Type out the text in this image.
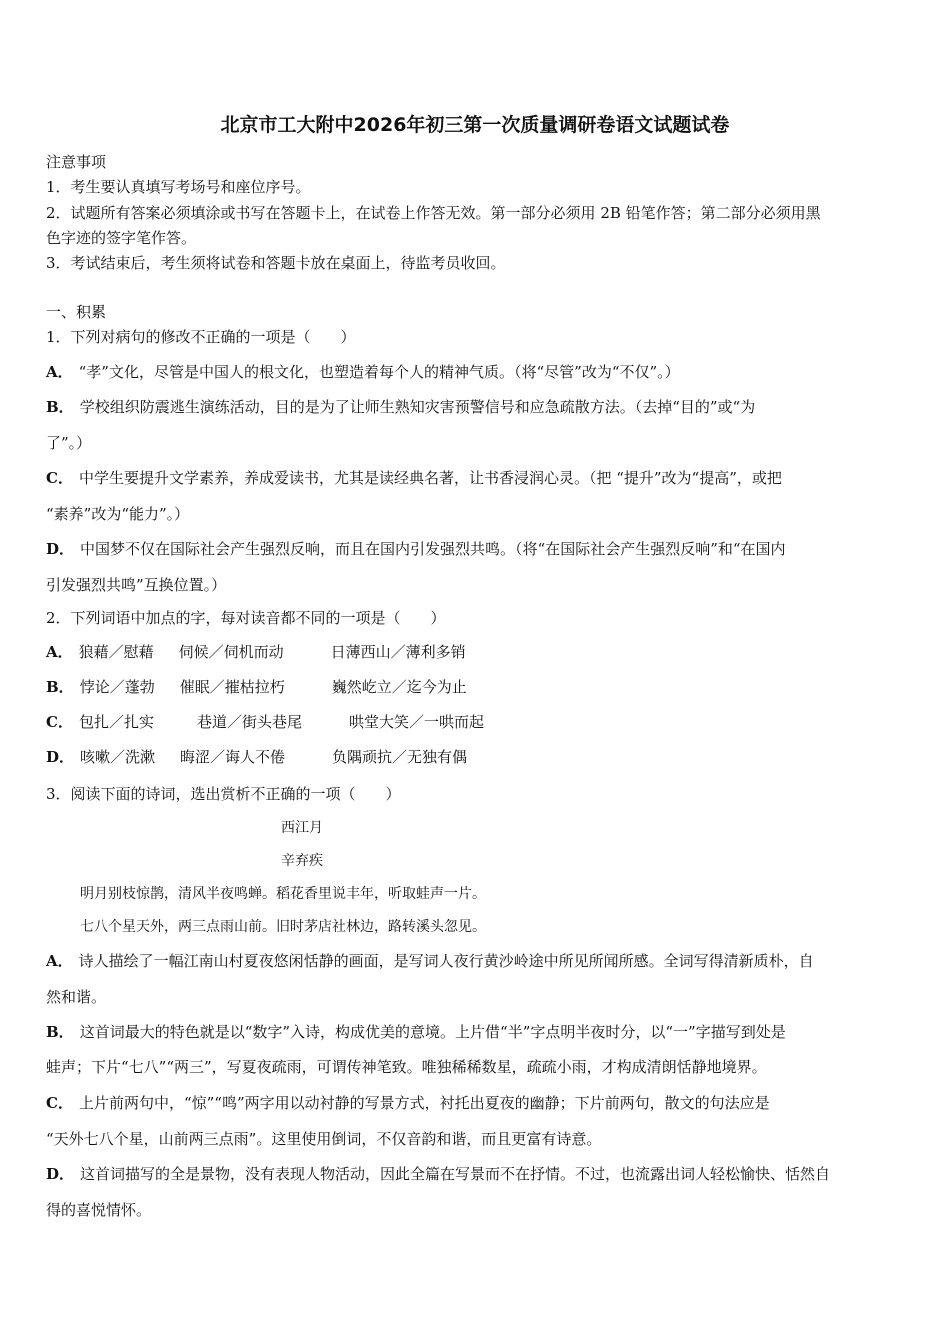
北京市工大附中2026年初三第一次质量调研卷语文试题试卷
注意事项
1．考生要认真填写考场号和座位序号。
2．试题所有答案必须填涂或书写在答题卡上，在试卷上作答无效。第一部分必须用 2B 铅笔作答；第二部分必须用黑
色字迹的签字笔作答。
3．考试结束后，考生须将试卷和答题卡放在桌面上，待监考员收回。
一、积累
1．下列对病句的修改不正确的一项是（　　）
A． “孝”文化，尽管是中国人的根文化，也塑造着每个人的精神气质。（将“尽管”改为“不仅”。）
B． 学校组织防震逃生演练活动，目的是为了让师生熟知灾害预警信号和应急疏散方法。（去掉“目的”或“为
了”。）
C． 中学生要提升文学素养，养成爱读书，尤其是读经典名著，让书香浸润心灵。（把 “提升”改为“提高”，或把
“素养”改为“能力”。）
D． 中国梦不仅在国际社会产生强烈反响，而且在国内引发强烈共鸣。（将“在国际社会产生强烈反响”和“在国内
引发强烈共鸣”互换位置。）
2．下列词语中加点的字，每对读音都不同的一项是（　　）
A． 狼藉／慰藉 伺候／伺机而动	日薄西山／薄利多销
B． 悖论／蓬勃 催眠／摧枯拉朽	巍然屹立／迄今为止
C． 包扎／扎实	巷道／街头巷尾	哄堂大笑／一哄而起
D． 咳嗽／洗漱 晦涩／诲人不倦	负隅顽抗／无独有偶
3．阅读下面的诗词，选出赏析不正确的一项（　　）
西江月
辛弃疾
明月别枝惊鹊，清风半夜鸣蝉。稻花香里说丰年，听取蛙声一片。
七八个星天外，两三点雨山前。旧时茅店社林边，路转溪头忽见。
A． 诗人描绘了一幅江南山村夏夜悠闲恬静的画面，是写词人夜行黄沙岭途中所见所闻所感。全词写得清新质朴，自
然和谐。
B． 这首词最大的特色就是以“数字”入诗，构成优美的意境。上片借“半”字点明半夜时分，以“一”字描写到处是
蛙声；下片“七八”“两三”，写夏夜疏雨，可谓传神笔致。唯独稀稀数星，疏疏小雨，才构成清朗恬静地境界。
C． 上片前两句中，“惊”“鸣”两字用以动衬静的写景方式，衬托出夏夜的幽静；下片前两句，散文的句法应是
“天外七八个星，山前两三点雨”。这里使用倒词，不仅音韵和谐，而且更富有诗意。
D． 这首词描写的全是景物，没有表现人物活动，因此全篇在写景而不在抒情。不过，也流露出词人轻松愉快、恬然自
得的喜悦情怀。
